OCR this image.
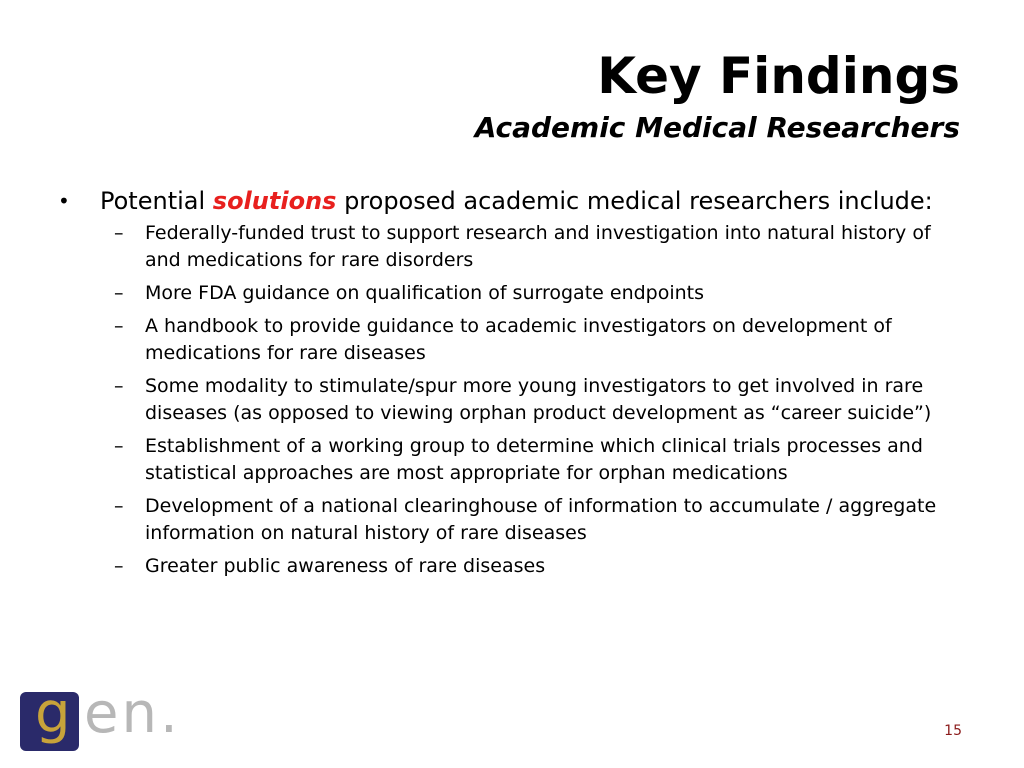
Key Findings
Academic Medical Researchers
•	Potential solutions proposed academic medical researchers include:
–	Federally-funded trust to support research and investigation into natural history of and medications for rare disorders
–	More FDA guidance on qualification of surrogate endpoints
–	A handbook to provide guidance to academic investigators on development of medications for rare diseases
–	Some modality to stimulate/spur more young investigators to get involved in rare diseases (as opposed to viewing orphan product development as “career suicide”)
–	Establishment of a working group to determine which clinical trials processes and statistical approaches are most appropriate for orphan medications
–	Development of a national clearinghouse of information to accumulate / aggregate information on natural history of rare diseases
–	Greater public awareness of rare diseases
g en.	15
